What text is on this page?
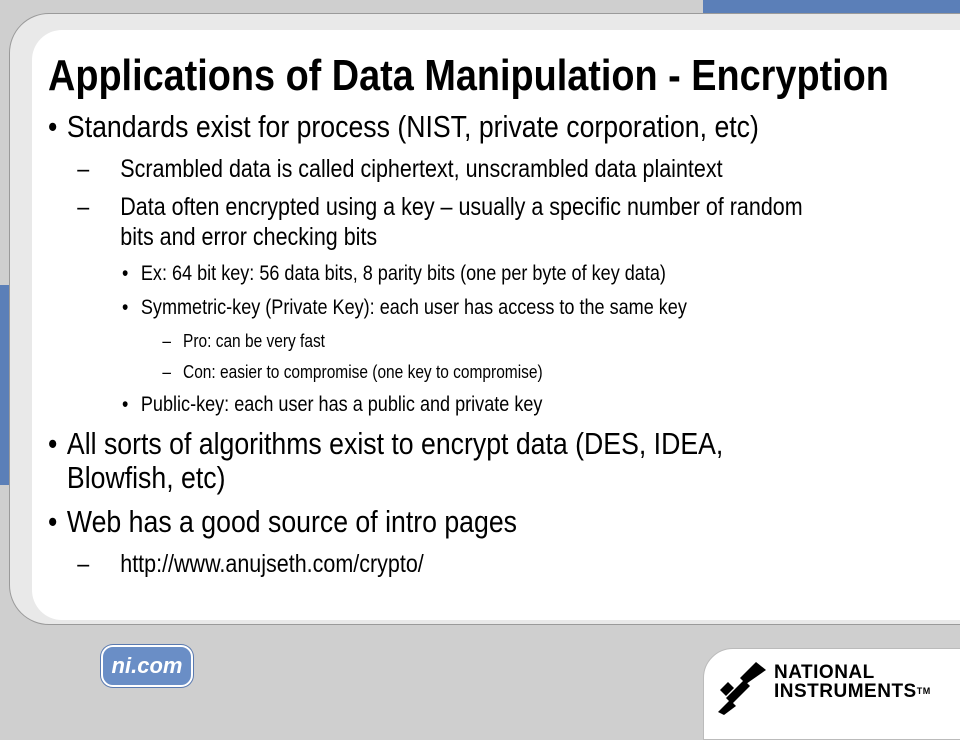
Applications of Data Manipulation - Encryption
• Standards exist for process (NIST, private corporation, etc)
– Scrambled data is called ciphertext, unscrambled data plaintext
– Data often encrypted using a key – usually a specific number of random bits and error checking bits
• Ex: 64 bit key: 56 data bits, 8 parity bits (one per byte of key data)
• Symmetric-key (Private Key): each user has access to the same key
– Pro: can be very fast
– Con: easier to compromise (one key to compromise)
• Public-key: each user has a public and private key
• All sorts of algorithms exist to encrypt data (DES, IDEA, Blowfish, etc)
• Web has a good source of intro pages
– http://www.anujseth.com/crypto/
ni.com	NATIONAL
INSTRUMENTS™
